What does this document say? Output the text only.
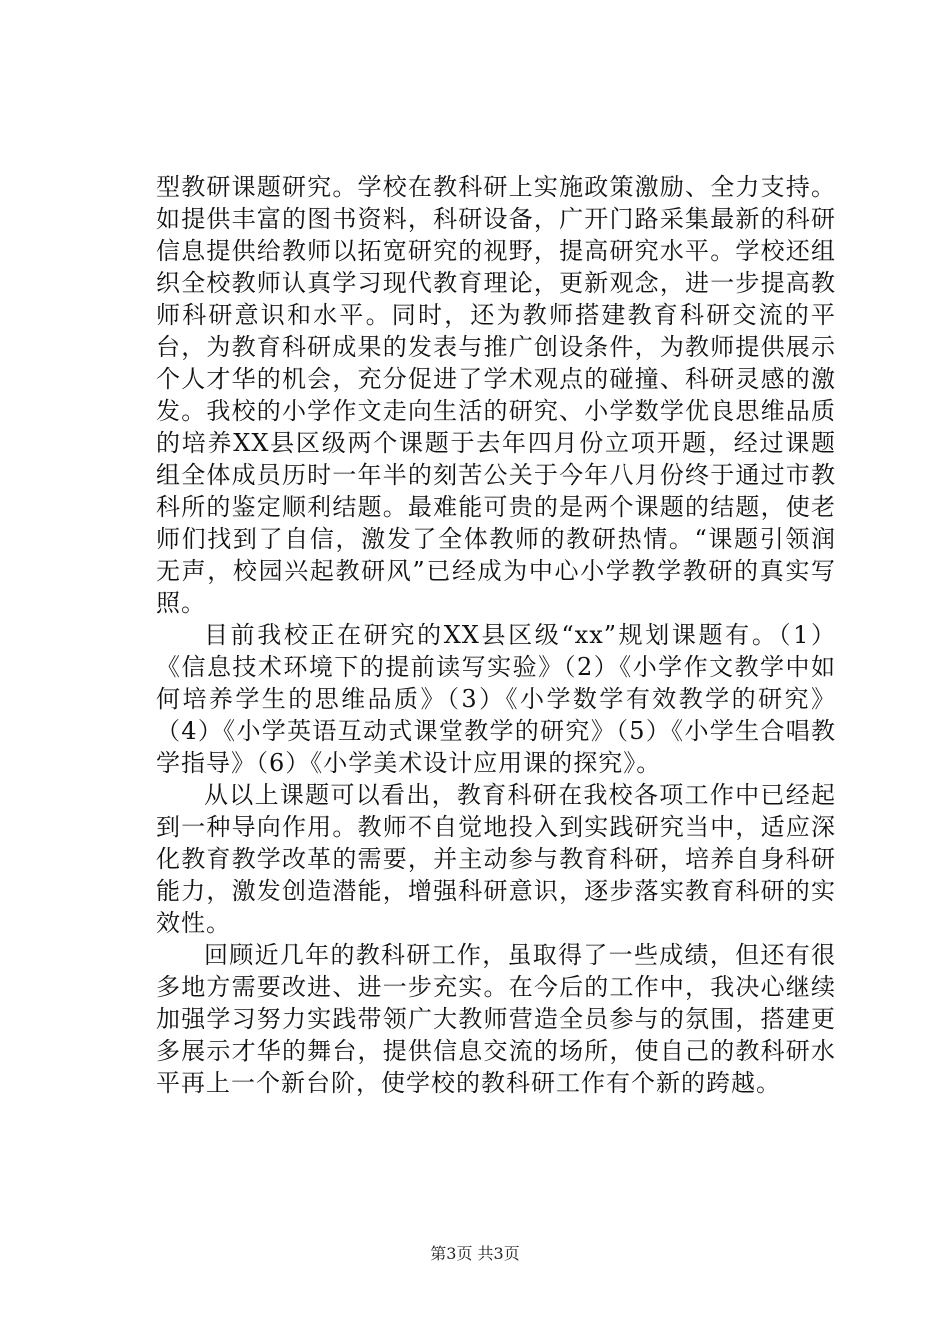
型教研课题研究。学校在教科研上实施政策激励、全力支持。如提供丰富的图书资料，科研设备，广开门路采集最新的科研信息提供给教师以拓宽研究的视野，提高研究水平。学校还组织全校教师认真学习现代教育理论，更新观念，进一步提高教师科研意识和水平。同时，还为教师搭建教育科研交流的平台，为教育科研成果的发表与推广创设条件，为教师提供展示个人才华的机会，充分促进了学术观点的碰撞、科研灵感的激发。我校的小学作文走向生活的研究、小学数学优良思维品质的培养XX县区级两个课题于去年四月份立项开题，经过课题组全体成员历时一年半的刻苦公关于今年八月份终于通过市教科所的鉴定顺利结题。最难能可贵的是两个课题的结题，使老师们找到了自信，激发了全体教师的教研热情。“课题引领润无声，校园兴起教研风”已经成为中心小学教学教研的真实写照。

目前我校正在研究的XX县区级“xx”规划课题有。（1）《信息技术环境下的提前读写实验》（2）《小学作文教学中如何培养学生的思维品质》（3）《小学数学有效教学的研究》（4）《小学英语互动式课堂教学的研究》（5）《小学生合唱教学指导》（6）《小学美术设计应用课的探究》。

从以上课题可以看出，教育科研在我校各项工作中已经起到一种导向作用。教师不自觉地投入到实践研究当中，适应深化教育教学改革的需要，并主动参与教育科研，培养自身科研能力，激发创造潜能，增强科研意识，逐步落实教育科研的实效性。

回顾近几年的教科研工作，虽取得了一些成绩，但还有很多地方需要改进、进一步充实。在今后的工作中，我决心继续加强学习努力实践带领广大教师营造全员参与的氛围，搭建更多展示才华的舞台，提供信息交流的场所，使自己的教科研水平再上一个新台阶，使学校的教科研工作有个新的跨越。

第3页 共3页
